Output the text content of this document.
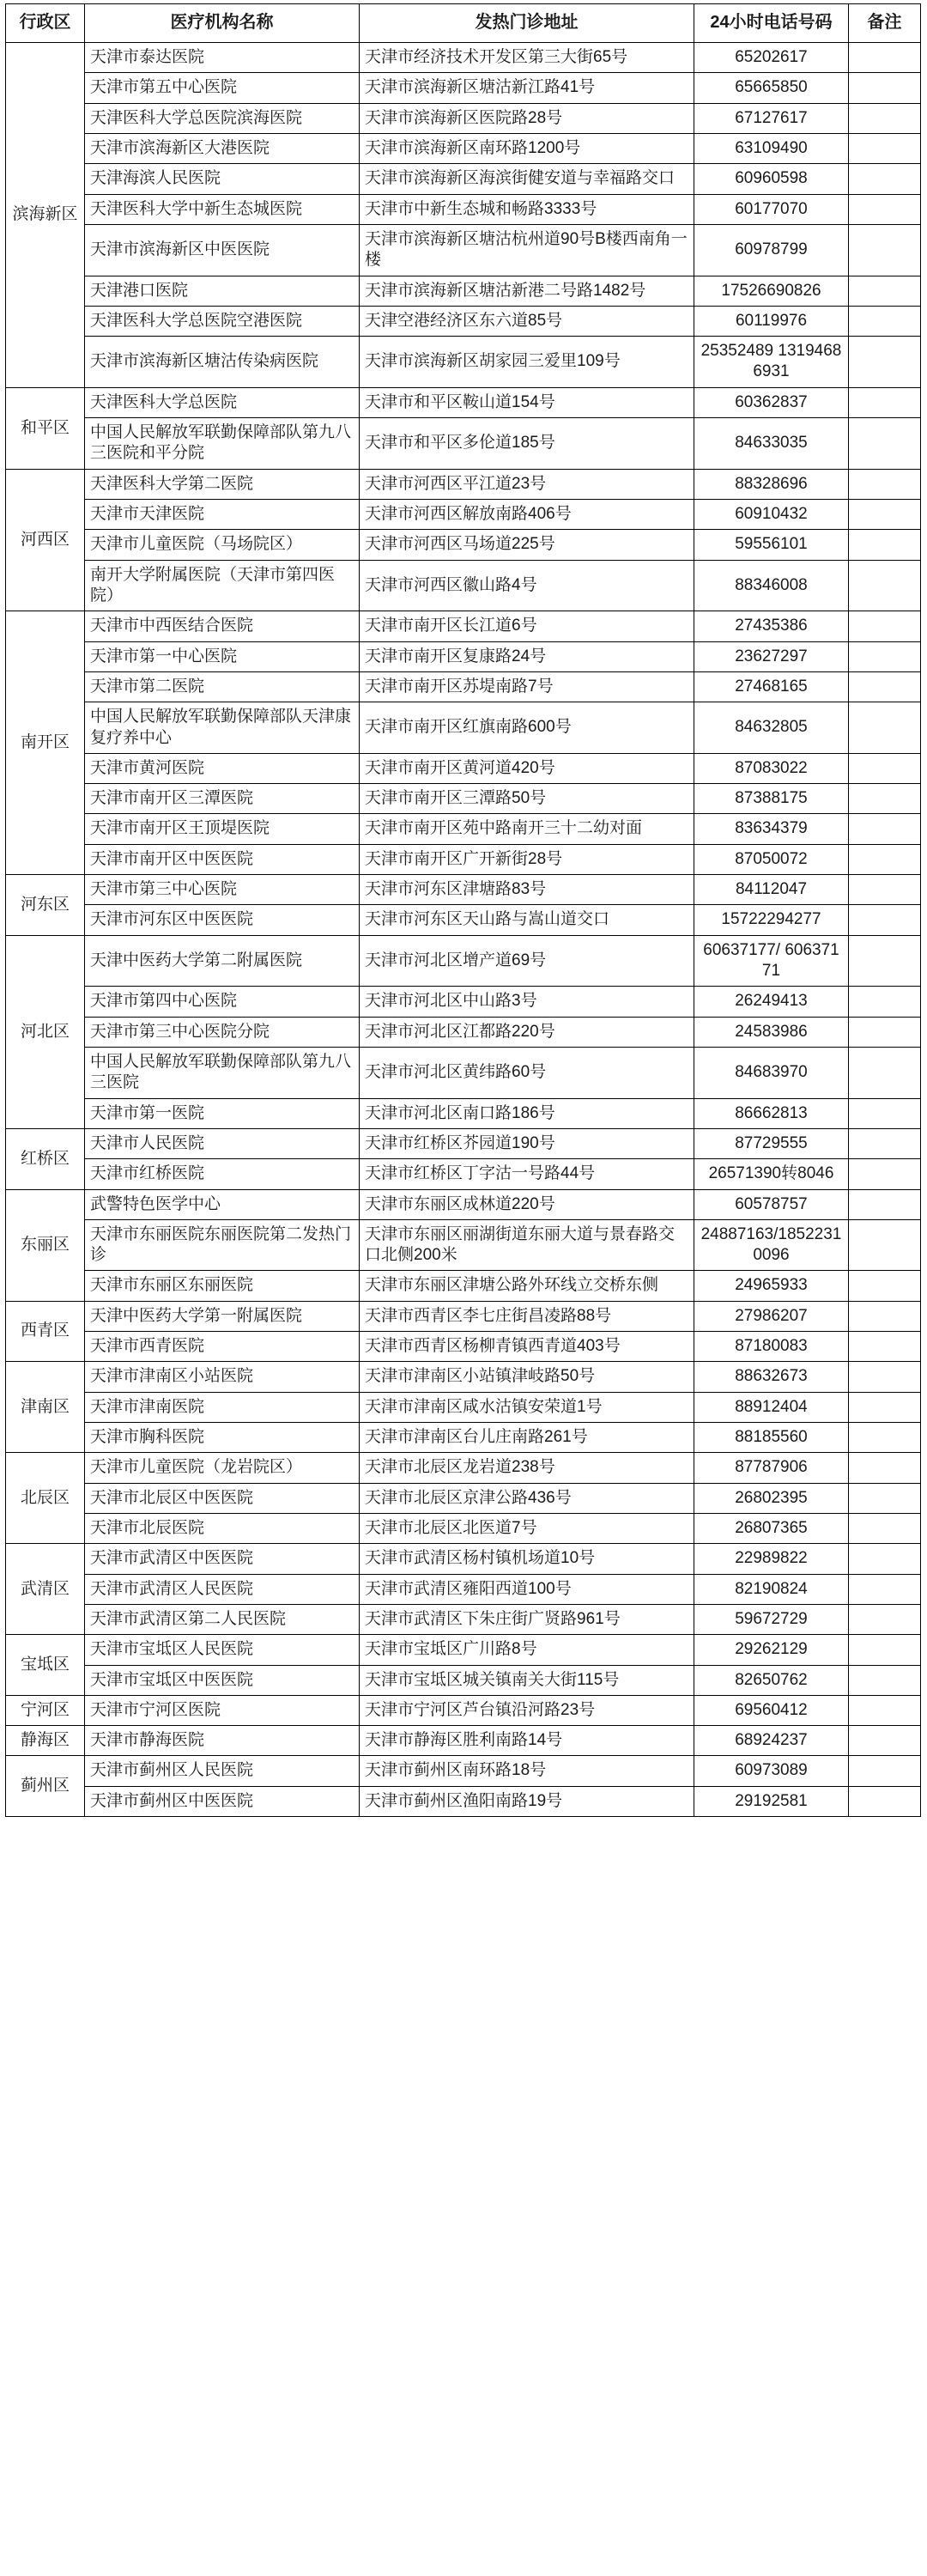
行政区	医疗机构名称	发热门诊地址	24小时电话号码	备注
滨海新区	天津市泰达医院	天津市经济技术开发区第三大街65号	65202617	
	天津市第五中心医院	天津市滨海新区塘沽新江路41号	65665850	
	天津医科大学总医院滨海医院	天津市滨海新区医院路28号	67127617	
	天津市滨海新区大港医院	天津市滨海新区南环路1200号	63109490	
	天津海滨人民医院	天津市滨海新区海滨街健安道与幸福路交口	60960598	
	天津医科大学中新生态城医院	天津市中新生态城和畅路3333号	60177070	
	天津市滨海新区中医医院	天津市滨海新区塘沽杭州道90号B楼西南角一楼	60978799	
	天津港口医院	天津市滨海新区塘沽新港二号路1482号	17526690826	
	天津医科大学总医院空港医院	天津空港经济区东六道85号	60119976	
	天津市滨海新区塘沽传染病医院	天津市滨海新区胡家园三爱里109号	25352489 13194686931	
和平区	天津医科大学总医院	天津市和平区鞍山道154号	60362837	
	中国人民解放军联勤保障部队第九八三医院和平分院	天津市和平区多伦道185号	84633035	
河西区	天津医科大学第二医院	天津市河西区平江道23号	88328696	
	天津市天津医院	天津市河西区解放南路406号	60910432	
	天津市儿童医院（马场院区）	天津市河西区马场道225号	59556101	
	南开大学附属医院（天津市第四医院）	天津市河西区徽山路4号	88346008	
南开区	天津市中西医结合医院	天津市南开区长江道6号	27435386	
	天津市第一中心医院	天津市南开区复康路24号	23627297	
	天津市第二医院	天津市南开区苏堤南路7号	27468165	
	中国人民解放军联勤保障部队天津康复疗养中心	天津市南开区红旗南路600号	84632805	
	天津市黄河医院	天津市南开区黄河道420号	87083022	
	天津市南开区三潭医院	天津市南开区三潭路50号	87388175	
	天津市南开区王顶堤医院	天津市南开区苑中路南开三十二幼对面	83634379	
	天津市南开区中医医院	天津市南开区广开新街28号	87050072	
河东区	天津市第三中心医院	天津市河东区津塘路83号	84112047	
	天津市河东区中医医院	天津市河东区天山路与嵩山道交口	15722294277	
河北区	天津中医药大学第二附属医院	天津市河北区增产道69号	60637177/ 60637171	
	天津市第四中心医院	天津市河北区中山路3号	26249413	
	天津市第三中心医院分院	天津市河北区江都路220号	24583986	
	中国人民解放军联勤保障部队第九八三医院	天津市河北区黄纬路60号	84683970	
	天津市第一医院	天津市河北区南口路186号	86662813	
红桥区	天津市人民医院	天津市红桥区芥园道190号	87729555	
	天津市红桥医院	天津市红桥区丁字沽一号路44号	26571390转8046	
东丽区	武警特色医学中心	天津市东丽区成林道220号	60578757	
	天津市东丽医院东丽医院第二发热门诊	天津市东丽区丽湖街道东丽大道与景春路交口北侧200米	24887163/18522310096	
	天津市东丽区东丽医院	天津市东丽区津塘公路外环线立交桥东侧	24965933	
西青区	天津中医药大学第一附属医院	天津市西青区李七庄街昌凌路88号	27986207	
	天津市西青医院	天津市西青区杨柳青镇西青道403号	87180083	
津南区	天津市津南区小站医院	天津市津南区小站镇津岐路50号	88632673	
	天津市津南医院	天津市津南区咸水沽镇安荣道1号	88912404	
	天津市胸科医院	天津市津南区台儿庄南路261号	88185560	
北辰区	天津市儿童医院（龙岩院区）	天津市北辰区龙岩道238号	87787906	
	天津市北辰区中医医院	天津市北辰区京津公路436号	26802395	
	天津市北辰医院	天津市北辰区北医道7号	26807365	
武清区	天津市武清区中医医院	天津市武清区杨村镇机场道10号	22989822	
	天津市武清区人民医院	天津市武清区雍阳西道100号	82190824	
	天津市武清区第二人民医院	天津市武清区下朱庄街广贤路961号	59672729	
宝坻区	天津市宝坻区人民医院	天津市宝坻区广川路8号	29262129	
	天津市宝坻区中医医院	天津市宝坻区城关镇南关大街115号	82650762	
宁河区	天津市宁河区医院	天津市宁河区芦台镇沿河路23号	69560412	
静海区	天津市静海医院	天津市静海区胜利南路14号	68924237	
蓟州区	天津市蓟州区人民医院	天津市蓟州区南环路18号	60973089	
	天津市蓟州区中医医院	天津市蓟州区渔阳南路19号	29192581	
